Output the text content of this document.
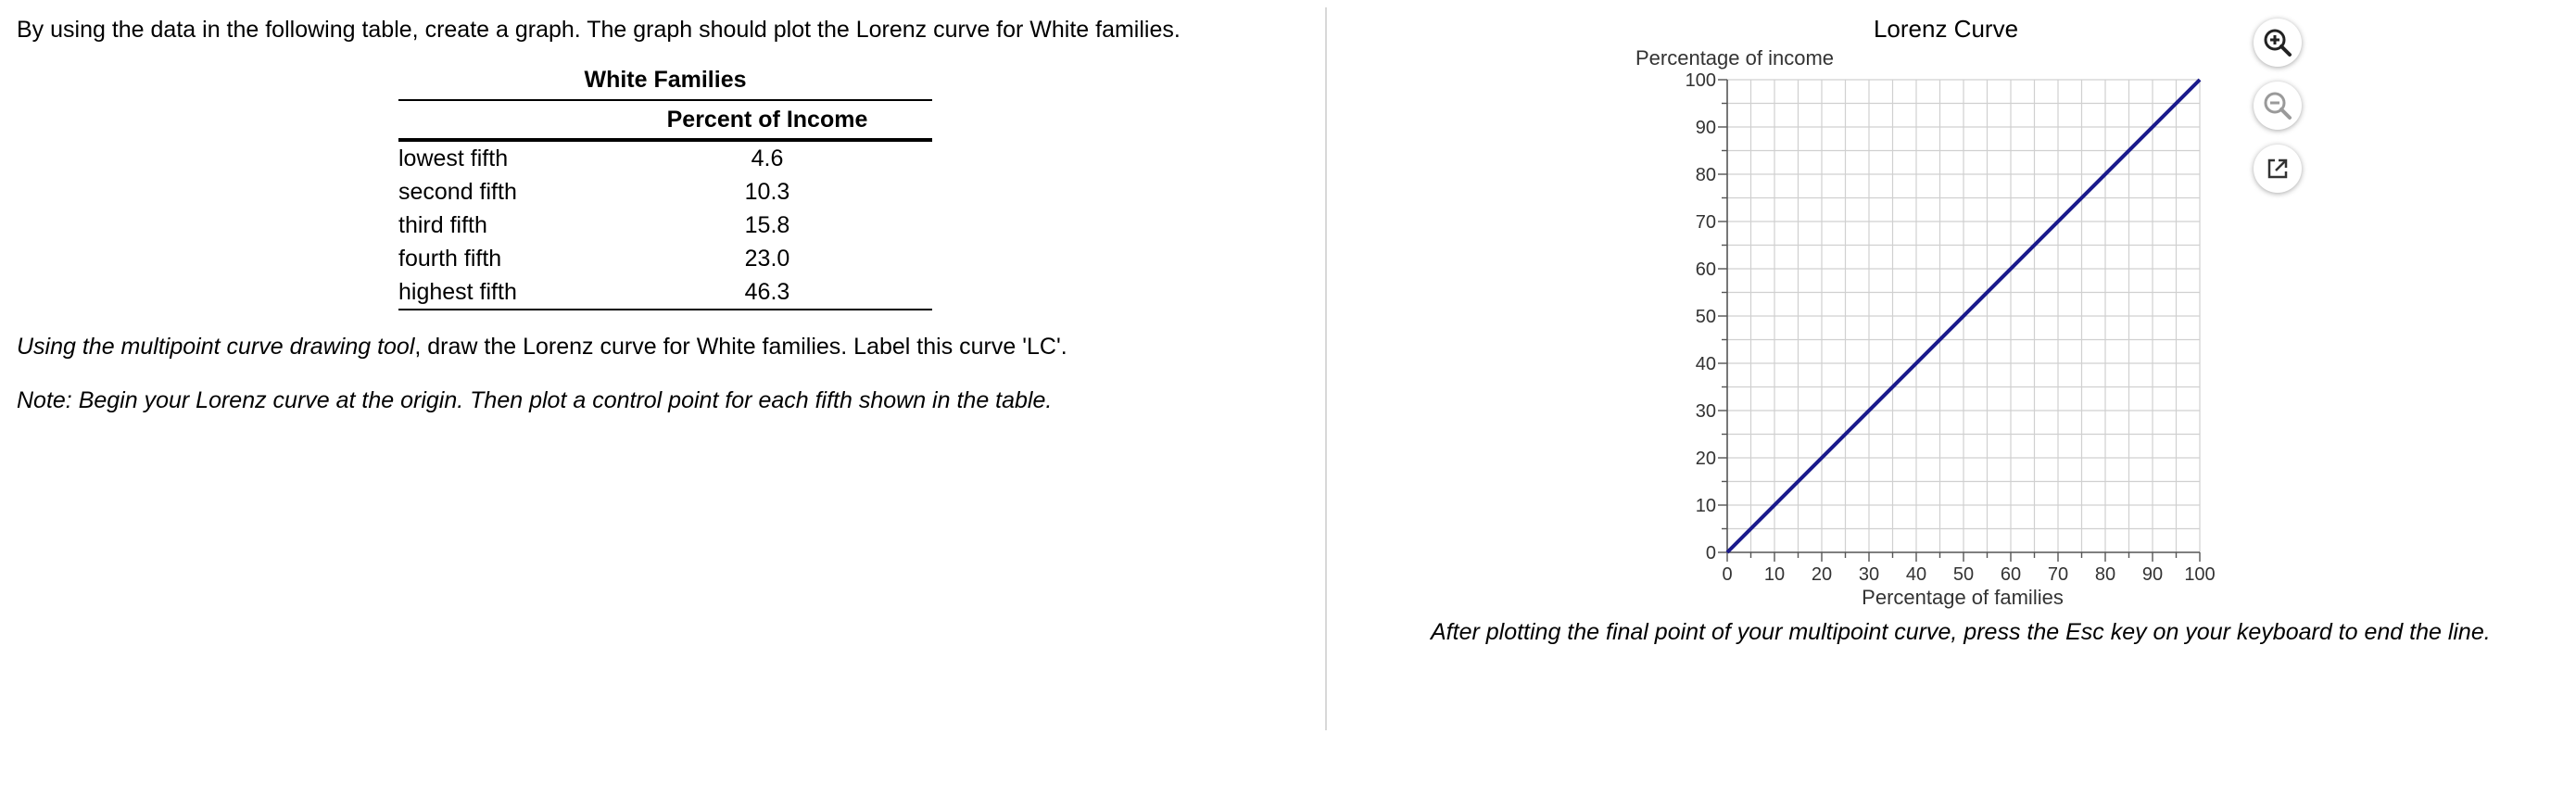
By using the data in the following table, create a graph. The graph should plot the Lorenz curve for White families.

White Families
	Percent of Income
lowest fifth	4.6
second fifth	10.3
third fifth	15.8
fourth fifth	23.0
highest fifth	46.3

Using the multipoint curve drawing tool, draw the Lorenz curve for White families. Label this curve 'LC'.

Note: Begin your Lorenz curve at the origin. Then plot a control point for each fifth shown in the table.

Lorenz Curve
Percentage of income
Percentage of families
0
10
20
30
40
50
60
70
80
90
100
0 10 20 30 40 50 60 70 80 90 100

After plotting the final point of your multipoint curve, press the Esc key on your keyboard to end the line.
